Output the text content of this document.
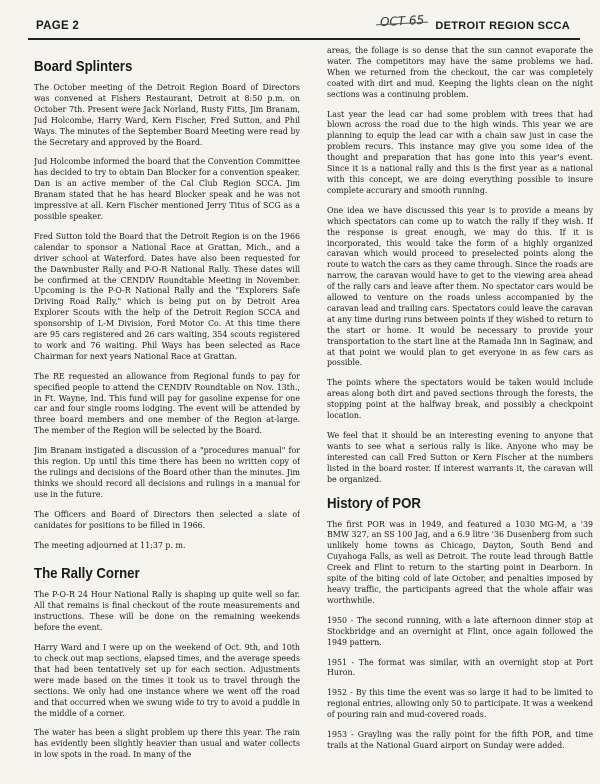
PAGE 2	OCT 65 DETROIT REGION SCCA
Board Splinters

The October meeting of the Detroit Region Board of Directors was convened at Fishers Restaurant, Detroit at 8:50 p.m. on October 7th. Present were Jack Norland, Rusty Fitts, Jim Branam, Jud Holcombe, Harry Ward, Kern Fischer, Fred Sutton, and Phil Ways. The minutes of the September Board Meeting were read by the Secretary and approved by the Board.

Jud Holcombe informed the board that the Convention Committee has decided to try to obtain Dan Blocker for a convention speaker. Dan is an active member of the Cal Club Region SCCA. Jim Branam stated that he has heard Blocker speak and he was not impressive at all. Kern Fischer mentioned Jerry Titus of SCG as a possible speaker.

Fred Sutton told the Board that the Detroit Region is on the 1966 calendar to sponsor a National Race at Grattan, Mich., and a driver school at Waterford. Dates have also been requested for the Dawnbuster Rally and P-O-R National Rally. These dates will be confirmed at the CENDIV Roundtable Meeting in November. Upcoming is the P-O-R National Rally and the "Explorers Safe Driving Road Rally," which is being put on by Detroit Area Explorer Scouts with the help of the Detroit Region SCCA and sponsorship of L-M Division, Ford Motor Co. At this time there are 95 cars registered and 26 cars waiting, 354 scouts registered to work and 76 waiting. Phil Ways has been selected as Race Chairman for next years National Race at Grattan.

The RE requested an allowance from Regional funds to pay for specified people to attend the CENDIV Roundtable on Nov. 13th., in Ft. Wayne, Ind. This fund will pay for gasoline expense for one car and four single rooms lodging. The event will be attended by three board members and one member of the Region at-large. The member of the Region will be selected by the Board.

Jim Branam instigated a discussion of a "procedures manual" for this region. Up until this time there has been no written copy of the rulings and decisions of the Board other than the minutes. Jim thinks we should record all decisions and rulings in a manual for use in the future.

The Officers and Board of Directors then selected a slate of canidates for positions to be filled in 1966.

The meeting adjourned at 11:37 p. m.

The Rally Corner

The P-O-R 24 Hour National Rally is shaping up quite well so far. All that remains is final checkout of the route measurements and instructions. These will be done on the remaining weekends before the event.

Harry Ward and I were up on the weekend of Oct. 9th, and 10th to check out map sections, elapsed times, and the average speeds that had been tentatively set up for each section. Adjustments were made based on the times it took us to travel through the sections. We only had one instance where we went off the road and that occurred when we swung wide to try to avoid a puddle in the middle of a corner.

The water has been a slight problem up there this year. The rain has evidently been slightly heavier than usual and water collects in low spots in the road. In many of the

areas, the foliage is so dense that the sun cannot evaporate the water. The competitors may have the same problems we had. When we returned from the checkout, the car was completely coated with dirt and mud. Keeping the lights clean on the night sections was a continuing problem.

Last year the lead car had some problem with trees that had blown across the road due to the high winds. This year we are planning to equip the lead car with a chain saw just in case the problem recurs. This instance may give you some idea of the thought and preparation that has gone into this year's event. Since it is a national rally and this is the first year as a national with this concept, we are doing everything possible to insure complete accurary and smooth running.

One idea we have discussed this year is to provide a means by which spectators can come up to watch the rally if they wish. If the response is great enough, we may do this. If it is incorporated, this would take the form of a highly organized caravan which would proceed to preselected points along the route to watch the cars as they came through. Since the roads are narrow, the caravan would have to get to the viewing area ahead of the rally cars and leave after them. No spectator cars would be allowed to venture on the roads unless accompanied by the caravan lead and trailing cars. Spectators could leave the caravan at any time during runs between points if they wished to return to the start or home. It would be necessary to provide your transportation to the start line at the Ramada Inn in Saginaw, and at that point we would plan to get everyone in as few cars as possible.

The points where the spectators would be taken would include areas along both dirt and paved sections through the forests, the stopping point at the halfway break, and possibly a checkpoint location.

We feel that it should be an interesting evening to anyone that wants to see what a serious rally is like. Anyone who may be interested can call Fred Sutton or Kern Fischer at the numbers listed in the board roster. If interest warrants it, the caravan will be organized.

History of POR

The first POR was in 1949, and featured a 1030 MG-M, a '39 BMW 327, an SS 100 Jag, and a 6.9 litre '36 Dusenberg from such unlikely home towns as Chicago, Dayton, South Bend and Cuyahoga Falls, as well as Detroit. The route lead through Battle Creek and Flint to return to the starting point in Dearborn. In spite of the biting cold of late October, and penalties imposed by heavy traffic, the participants agreed that the whole affair was worthwhile.

1950 - The second running, with a late afternoon dinner stop at Stockbridge and an overnight at Flint, once again followed the 1949 pattern.

1951 - The format was similar, with an overnight stop at Port Huron.

1952 - By this time the event was so large it had to be limited to regional entries, allowing only 50 to participate. It was a weekend of pouring rain and mud-covered roads.

1953 - Grayling was the rally point for the fifth POR, and time trails at the National Guard airport on Sunday were added.
